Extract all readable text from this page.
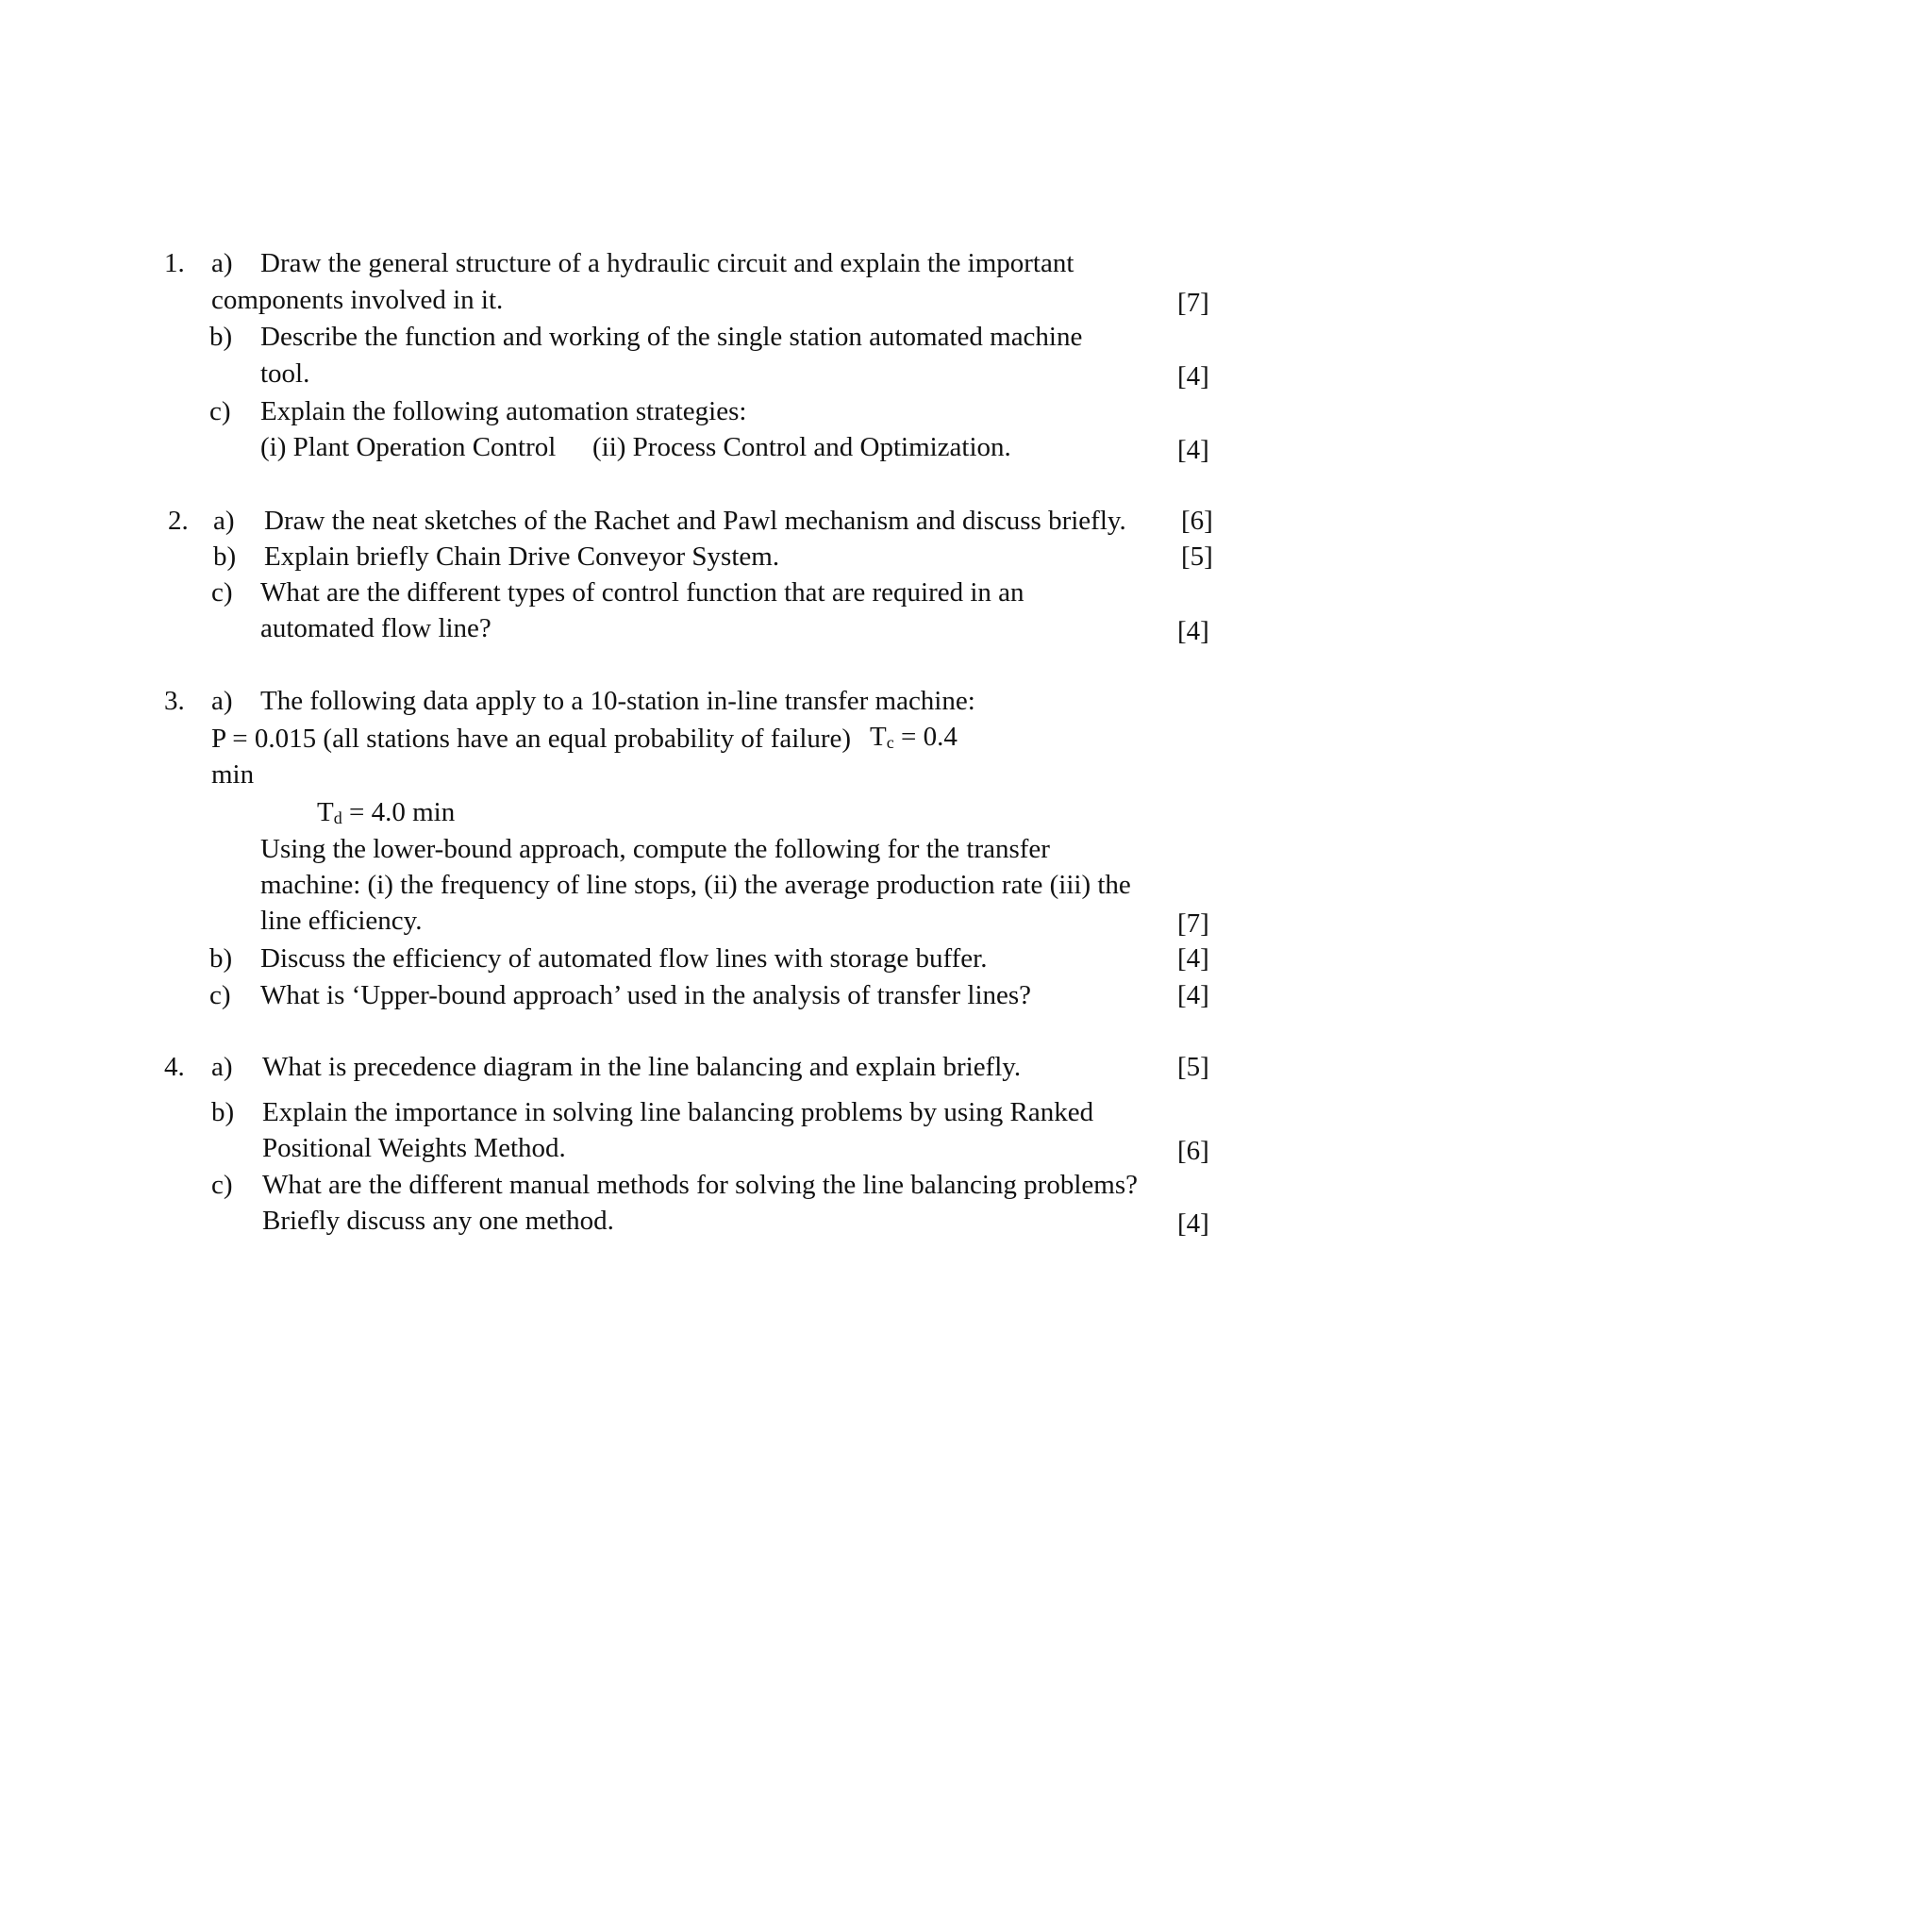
1. a) Draw the general structure of a hydraulic circuit and explain the important
components involved in it.	[7]
b) Describe the function and working of the single station automated machine
tool.	[4]
c) Explain the following automation strategies:
(i) Plant Operation Control (ii) Process Control and Optimization.	[4]
2. a) Draw the neat sketches of the Rachet and Pawl mechanism and discuss briefly. [6]
b) Explain briefly Chain Drive Conveyor System.	[5]
c) What are the different types of control function that are required in an
automated flow line?	[4]
3. a) The following data apply to a 10-station in-line transfer machine:
P = 0.015 (all stations have an equal probability of failure) $T_c = 0.4$
min
$T_d = 4.0$ min
Using the lower-bound approach, compute the following for the transfer
machine: (i) the frequency of line stops, (ii) the average production rate (iii) the
line efficiency.	[7]
b) Discuss the efficiency of automated flow lines with storage buffer.	[4]
c) What is ‘Upper-bound approach’ used in the analysis of transfer lines?	[4]
4. a) What is precedence diagram in the line balancing and explain briefly.	[5]
b) Explain the importance in solving line balancing problems by using Ranked
Positional Weights Method.	[6]
c) What are the different manual methods for solving the line balancing problems?
Briefly discuss any one method.	[4]
